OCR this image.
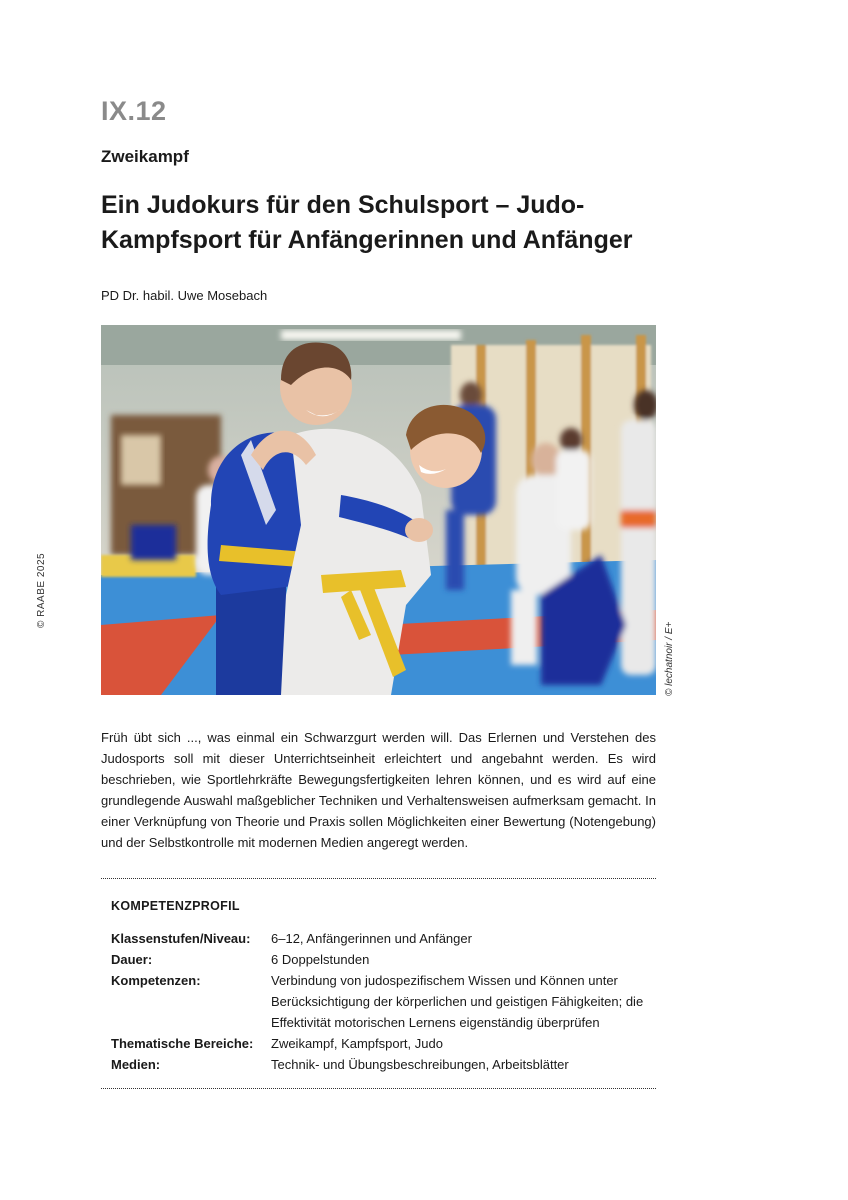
IX.12
Zweikampf
Ein Judokurs für den Schulsport – Judo-Kampfsport für Anfängerinnen und Anfänger
PD Dr. habil. Uwe Mosebach
© RAABE 2025
© lechatnoir / E+

Früh übt sich ..., was einmal ein Schwarzgurt werden will. Das Erlernen und Verstehen des Judosports soll mit dieser Unterrichtseinheit erleichtert und angebahnt werden. Es wird beschrieben, wie Sportlehrkräfte Bewegungsfertigkeiten lehren können, und es wird auf eine grundlegende Auswahl maßgeblicher Techniken und Verhaltensweisen aufmerksam gemacht. In einer Verknüpfung von Theorie und Praxis sollen Möglichkeiten einer Bewertung (Notengebung) und der Selbstkontrolle mit modernen Medien angeregt werden.

KOMPETENZPROFIL
Klassenstufen/Niveau:	6–12, Anfängerinnen und Anfänger
Dauer:	6 Doppelstunden
Kompetenzen:	Verbindung von judospezifischem Wissen und Können unter Berücksichtigung der körperlichen und geistigen Fähigkeiten; die Effektivität motorischen Lernens eigenständig überprüfen
Thematische Bereiche:	Zweikampf, Kampfsport, Judo
Medien:	Technik- und Übungsbeschreibungen, Arbeitsblätter
